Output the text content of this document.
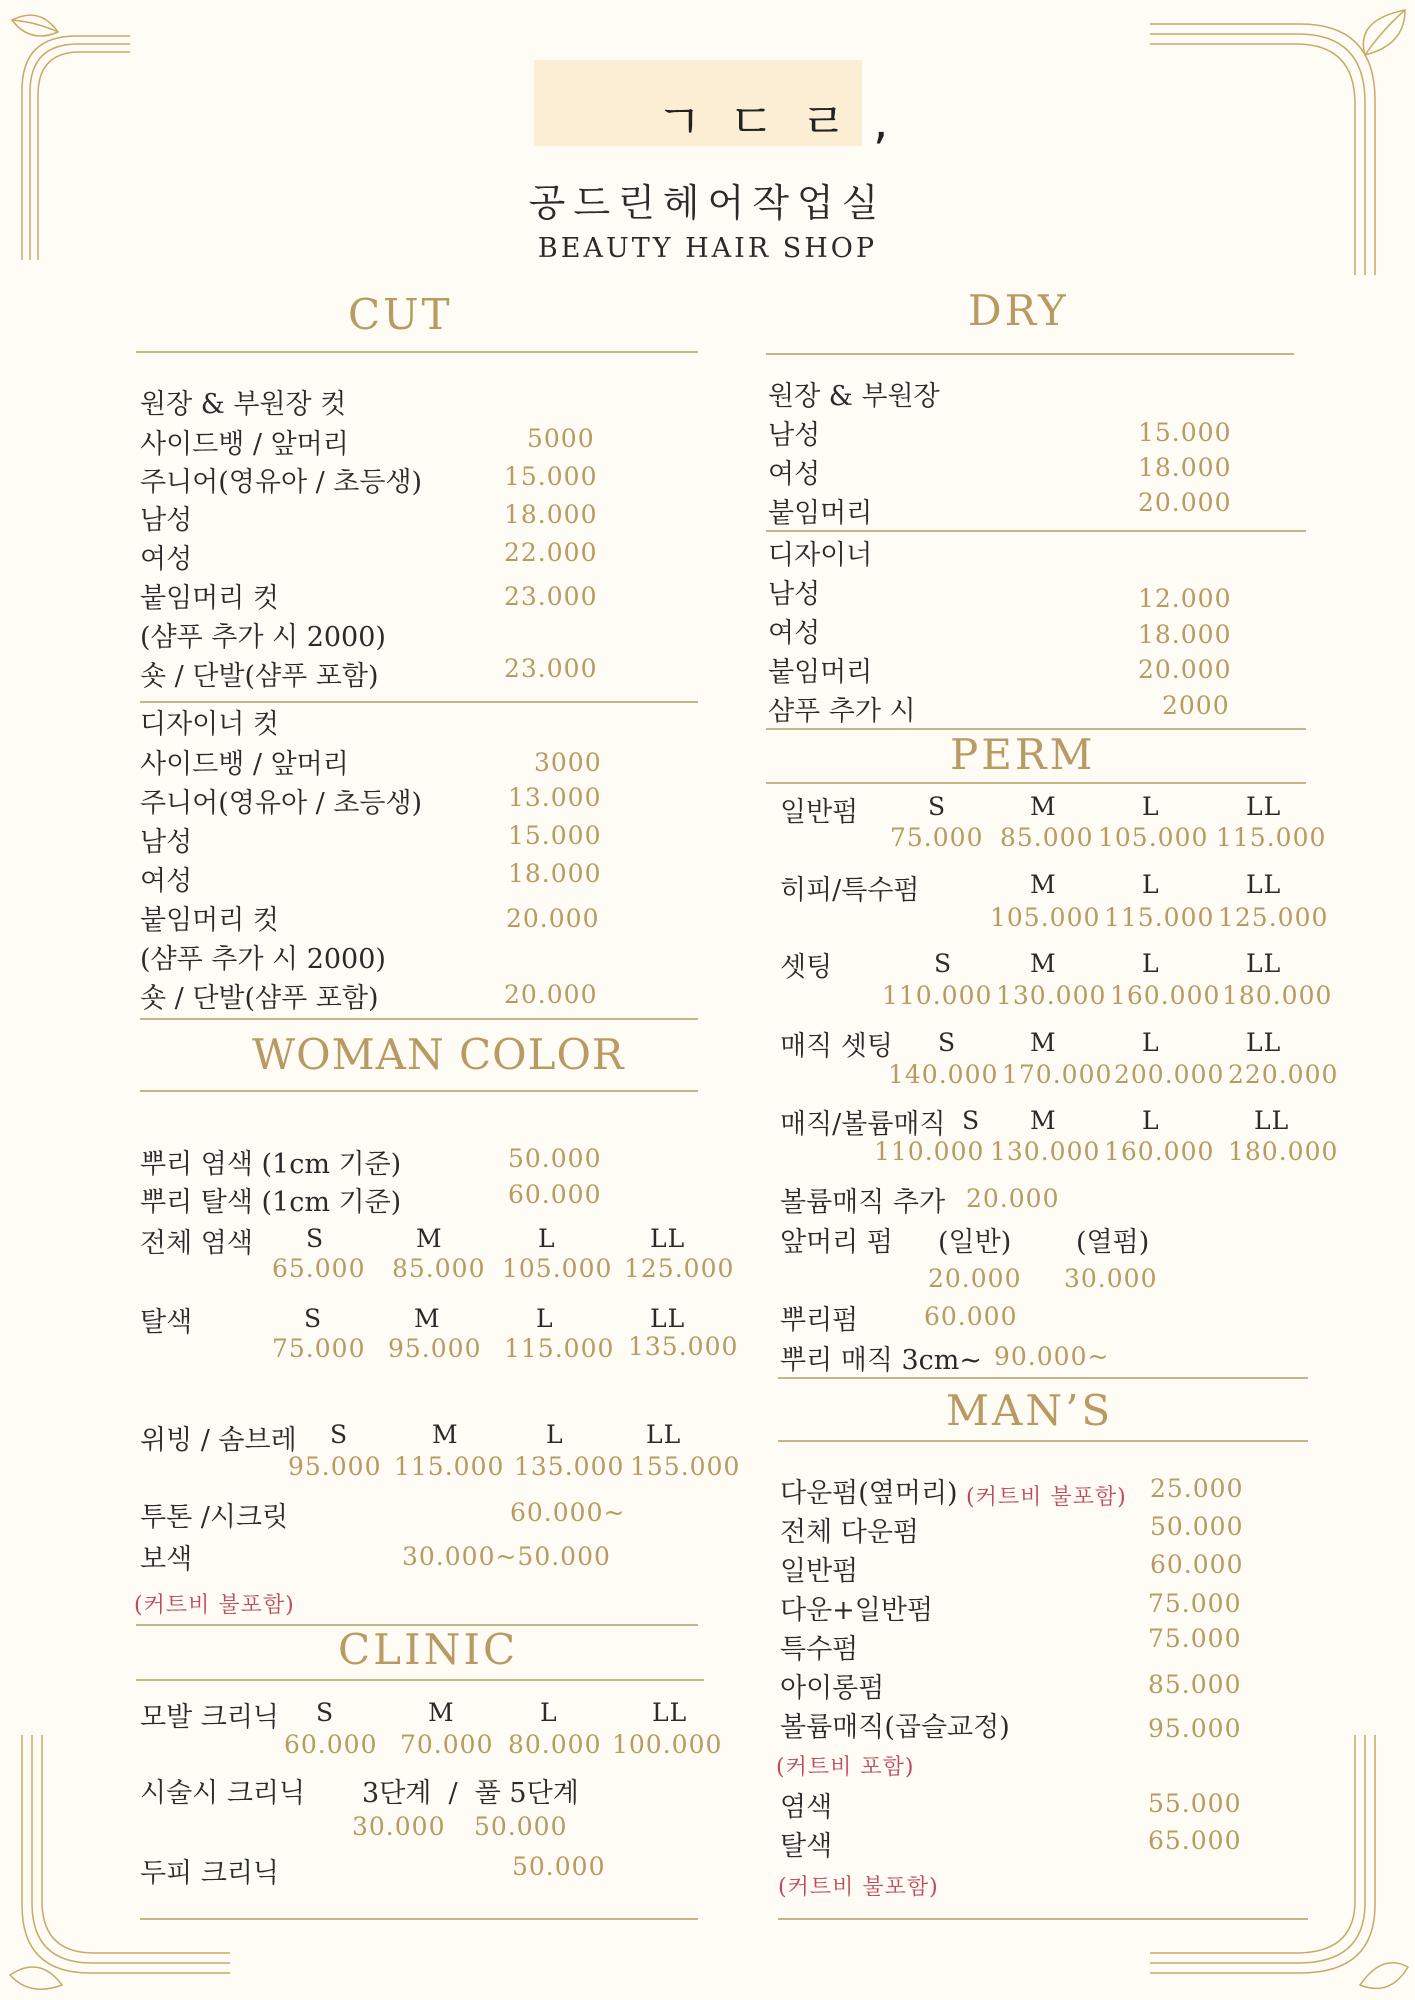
ㄱㄷㄹ,
공드린헤어작업실
BEAUTY HAIR SHOP
CUT
원장 & 부원장 컷
사이드뱅 / 앞머리	5000
주니어(영유아 / 초등생)	15.000
남성	18.000
여성	22.000
붙임머리 컷	23.000
(샴푸 추가 시 2000)
숏 / 단발(샴푸 포함)	23.000
디자이너 컷
사이드뱅 / 앞머리	3000
주니어(영유아 / 초등생)	13.000
남성	15.000
여성	18.000
붙임머리 컷	20.000
(샴푸 추가 시 2000)
숏 / 단발(샴푸 포함)	20.000
WOMAN COLOR
뿌리 염색 (1cm 기준)	50.000
뿌리 탈색 (1cm 기준)	60.000
전체 염색 S	M	L	LL
65.000 85.000 105.000 125.000
탈색	S	M	L	LL
75.000 95.000 115.000 135.000
위빙 / 솜브레 S	M	L	LL
95.000 115.000 135.000 155.000
투톤 /시크릿	60.000~
보색	30.000~50.000
(커트비 불포함)
CLINIC
모발 크리닉 S	M	L	LL
60.000 70.000 80.000 100.000
시술시 크리닉 3단계  /  풀 5단계
30.000 50.000
두피 크리닉	50.000
DRY
원장 & 부원장
남성	15.000
여성	18.000
붙임머리	20.000
디자이너
남성	12.000
여성	18.000
붙임머리	20.000
샴푸 추가 시	2000
PERM
일반펌	S	M	L	LL
75.000 85.000 105.000 115.000
히피/특수펌	M	L	LL
105.000 115.000 125.000
셋팅	S	M	L	LL
110.000 130.000 160.000 180.000
매직 셋팅 S	M	L	LL
140.000 170.000 200.000 220.000
매직/볼륨매직 S M	L	LL
110.000 130.000 160.000 180.000
볼륨매직 추가 20.000
앞머리 펌 (일반) (열펌)
20.000 30.000
뿌리펌	60.000
뿌리 매직 3cm~ 90.000~
MAN’S
다운펌(옆머리) (커트비 불포함) 25.000
전체 다운펌	50.000
일반펌	60.000
다운+일반펌	75.000
특수펌	75.000
아이롱펌	85.000
볼륨매직(곱슬교정)	95.000
(커트비 포함)
염색	55.000
탈색	65.000
(커트비 불포함)
